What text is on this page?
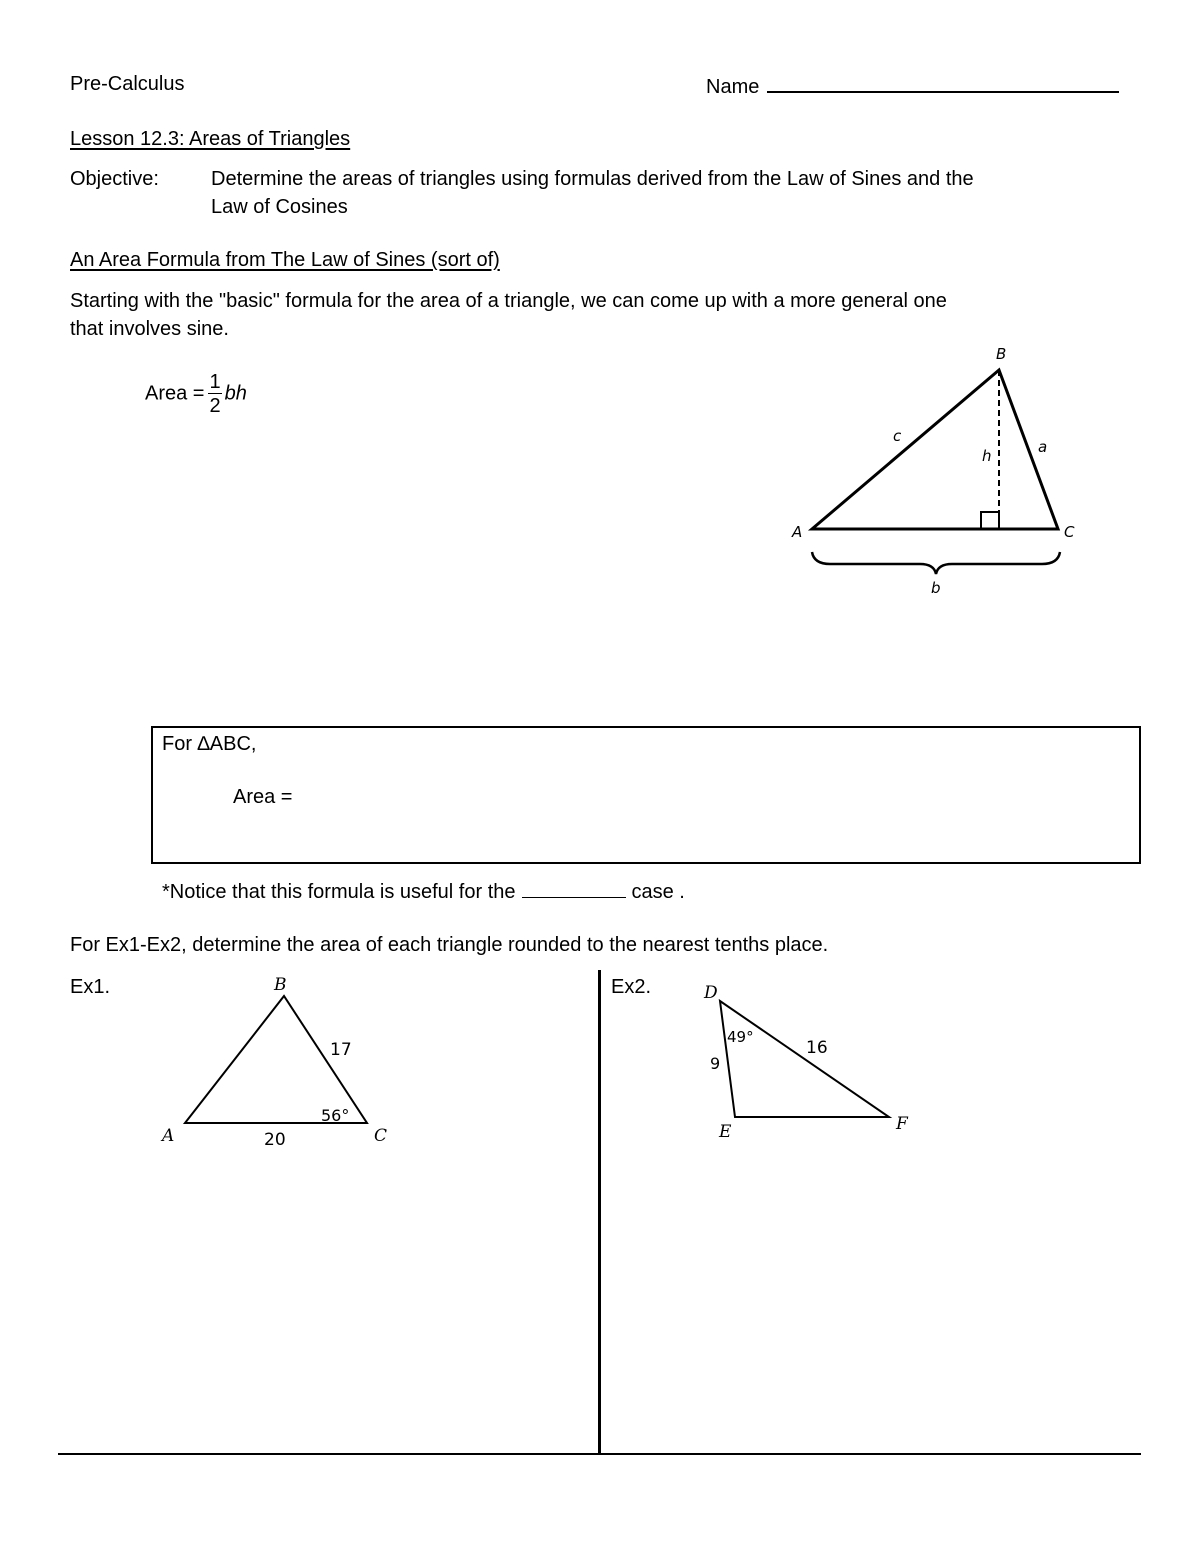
Pre-Calculus	Name
Lesson 12.3: Areas of Triangles
Objective:	Determine the areas of triangles using formulas derived from the Law of Sines and the
Law of Cosines
An Area Formula from The Law of Sines (sort of)
Starting with the "basic" formula for the area of a triangle, we can come up with a more general one
that involves sine.
Area = $\frac{1}{2}$ bh
B
A	C
c
a
h
b
For ∆ABC,
Area =
*Notice that this formula is useful for the	case .
For Ex1-Ex2, determine the area of each triangle rounded to the nearest tenths place.
Ex1.	Ex2.
B
A	C
17
20
56°
D
E	F
9
16
49°
